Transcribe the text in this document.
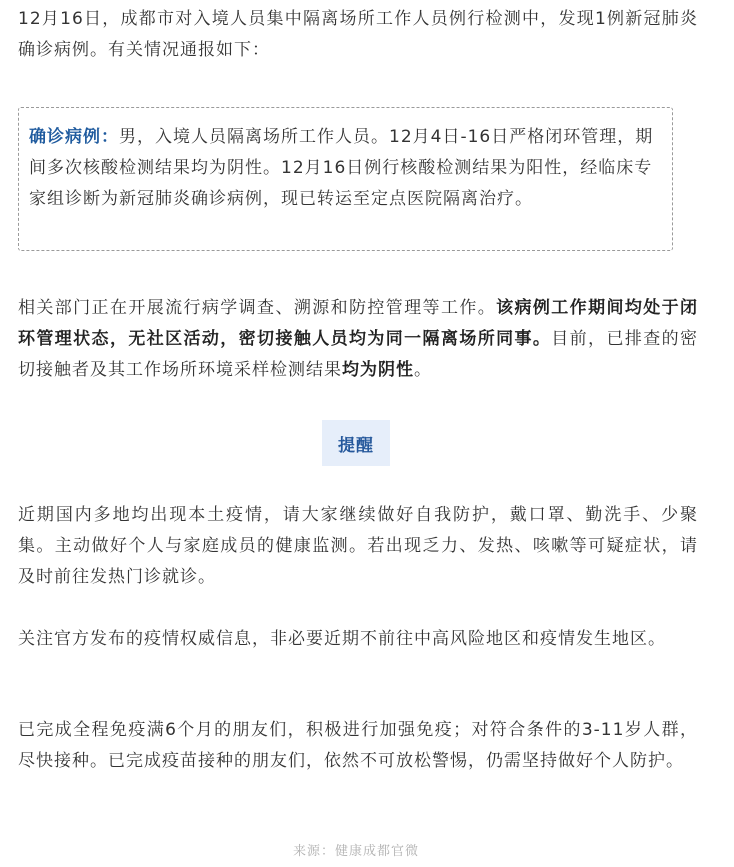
12月16日，成都市对入境人员集中隔离场所工作人员例行检测中，发现1例新冠肺炎确诊病例。有关情况通报如下：

确诊病例：男，入境人员隔离场所工作人员。12月4日-16日严格闭环管理，期间多次核酸检测结果均为阴性。12月16日例行核酸检测结果为阳性，经临床专家组诊断为新冠肺炎确诊病例，现已转运至定点医院隔离治疗。

相关部门正在开展流行病学调查、溯源和防控管理等工作。该病例工作期间均处于闭环管理状态，无社区活动，密切接触人员均为同一隔离场所同事。目前，已排查的密切接触者及其工作场所环境采样检测结果均为阴性。

提醒

近期国内多地均出现本土疫情，请大家继续做好自我防护，戴口罩、勤洗手、少聚集。主动做好个人与家庭成员的健康监测。若出现乏力、发热、咳嗽等可疑症状，请及时前往发热门诊就诊。

关注官方发布的疫情权威信息，非必要近期不前往中高风险地区和疫情发生地区。

已完成全程免疫满6个月的朋友们，积极进行加强免疫；对符合条件的3-11岁人群，尽快接种。已完成疫苗接种的朋友们，依然不可放松警惕，仍需坚持做好个人防护。

来源：健康成都官微
